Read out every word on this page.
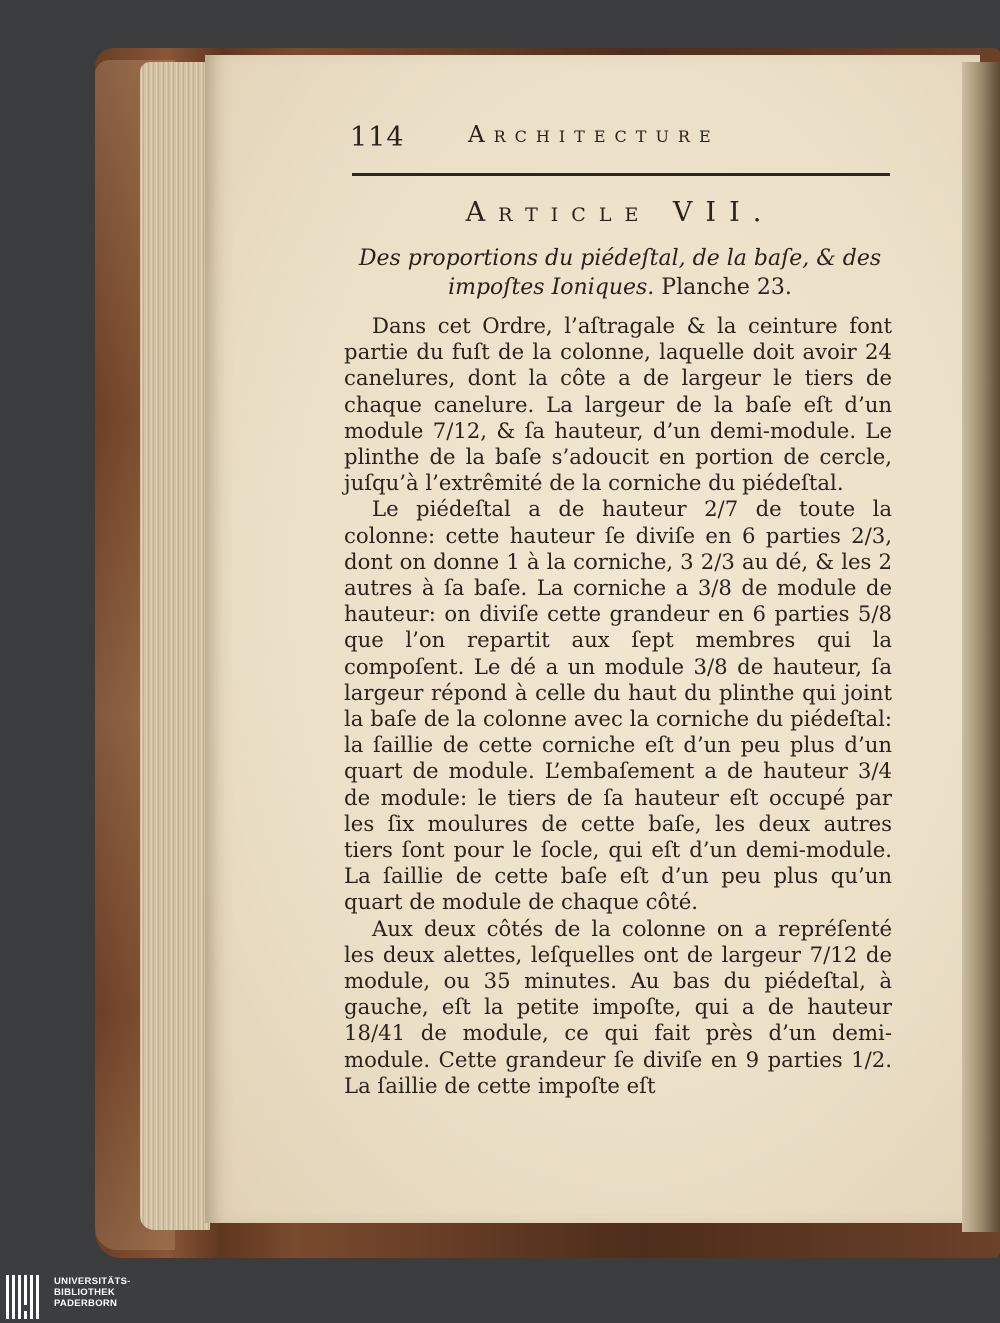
114	Architecture
Article VII.
Des proportions du piédeſtal, de la baſe, & des impoſtes Ioniques. Planche 23.

Dans cet Ordre, l’aſtragale & la ceinture font partie du fuſt de la colonne, laquelle doit avoir 24 canelures, dont la côte a de largeur le tiers de chaque canelure. La largeur de la baſe eſt d’un module 7/12, & ſa hauteur, d’un demi-module. Le plinthe de la baſe s’adoucit en portion de cercle, juſqu’à l’extrêmité de la corniche du piédeſtal.

Le piédeſtal a de hauteur 2/7 de toute la colonne: cette hauteur ſe diviſe en 6 parties 2/3, dont on donne 1 à la corniche, 3 2/3 au dé, & les 2 autres à ſa baſe. La corniche a 3/8 de module de hauteur: on diviſe cette grandeur en 6 parties 5/8 que l’on repartit aux ſept membres qui la compoſent. Le dé a un module 3/8 de hauteur, ſa largeur répond à celle du haut du plinthe qui joint la baſe de la colonne avec la corniche du piédeſtal: la ſaillie de cette corniche eſt d’un peu plus d’un quart de module. L’embaſement a de hauteur 3/4 de module: le tiers de ſa hauteur eſt occupé par les ſix moulures de cette baſe, les deux autres tiers ſont pour le ſocle, qui eſt d’un demi-module. La ſaillie de cette baſe eſt d’un peu plus qu’un quart de module de chaque côté.

Aux deux côtés de la colonne on a repréſenté les deux alettes, leſquelles ont de largeur 7/12 de module, ou 35 minutes. Au bas du piédeſtal, à gauche, eſt la petite impoſte, qui a de hauteur 18/41 de module, ce qui fait près d’un demi-module. Cette grandeur ſe diviſe en 9 parties 1/2. La ſaillie de cette impoſte eſt

UNIVERSITÄTS-
BIBLIOTHEK
PADERBORN
